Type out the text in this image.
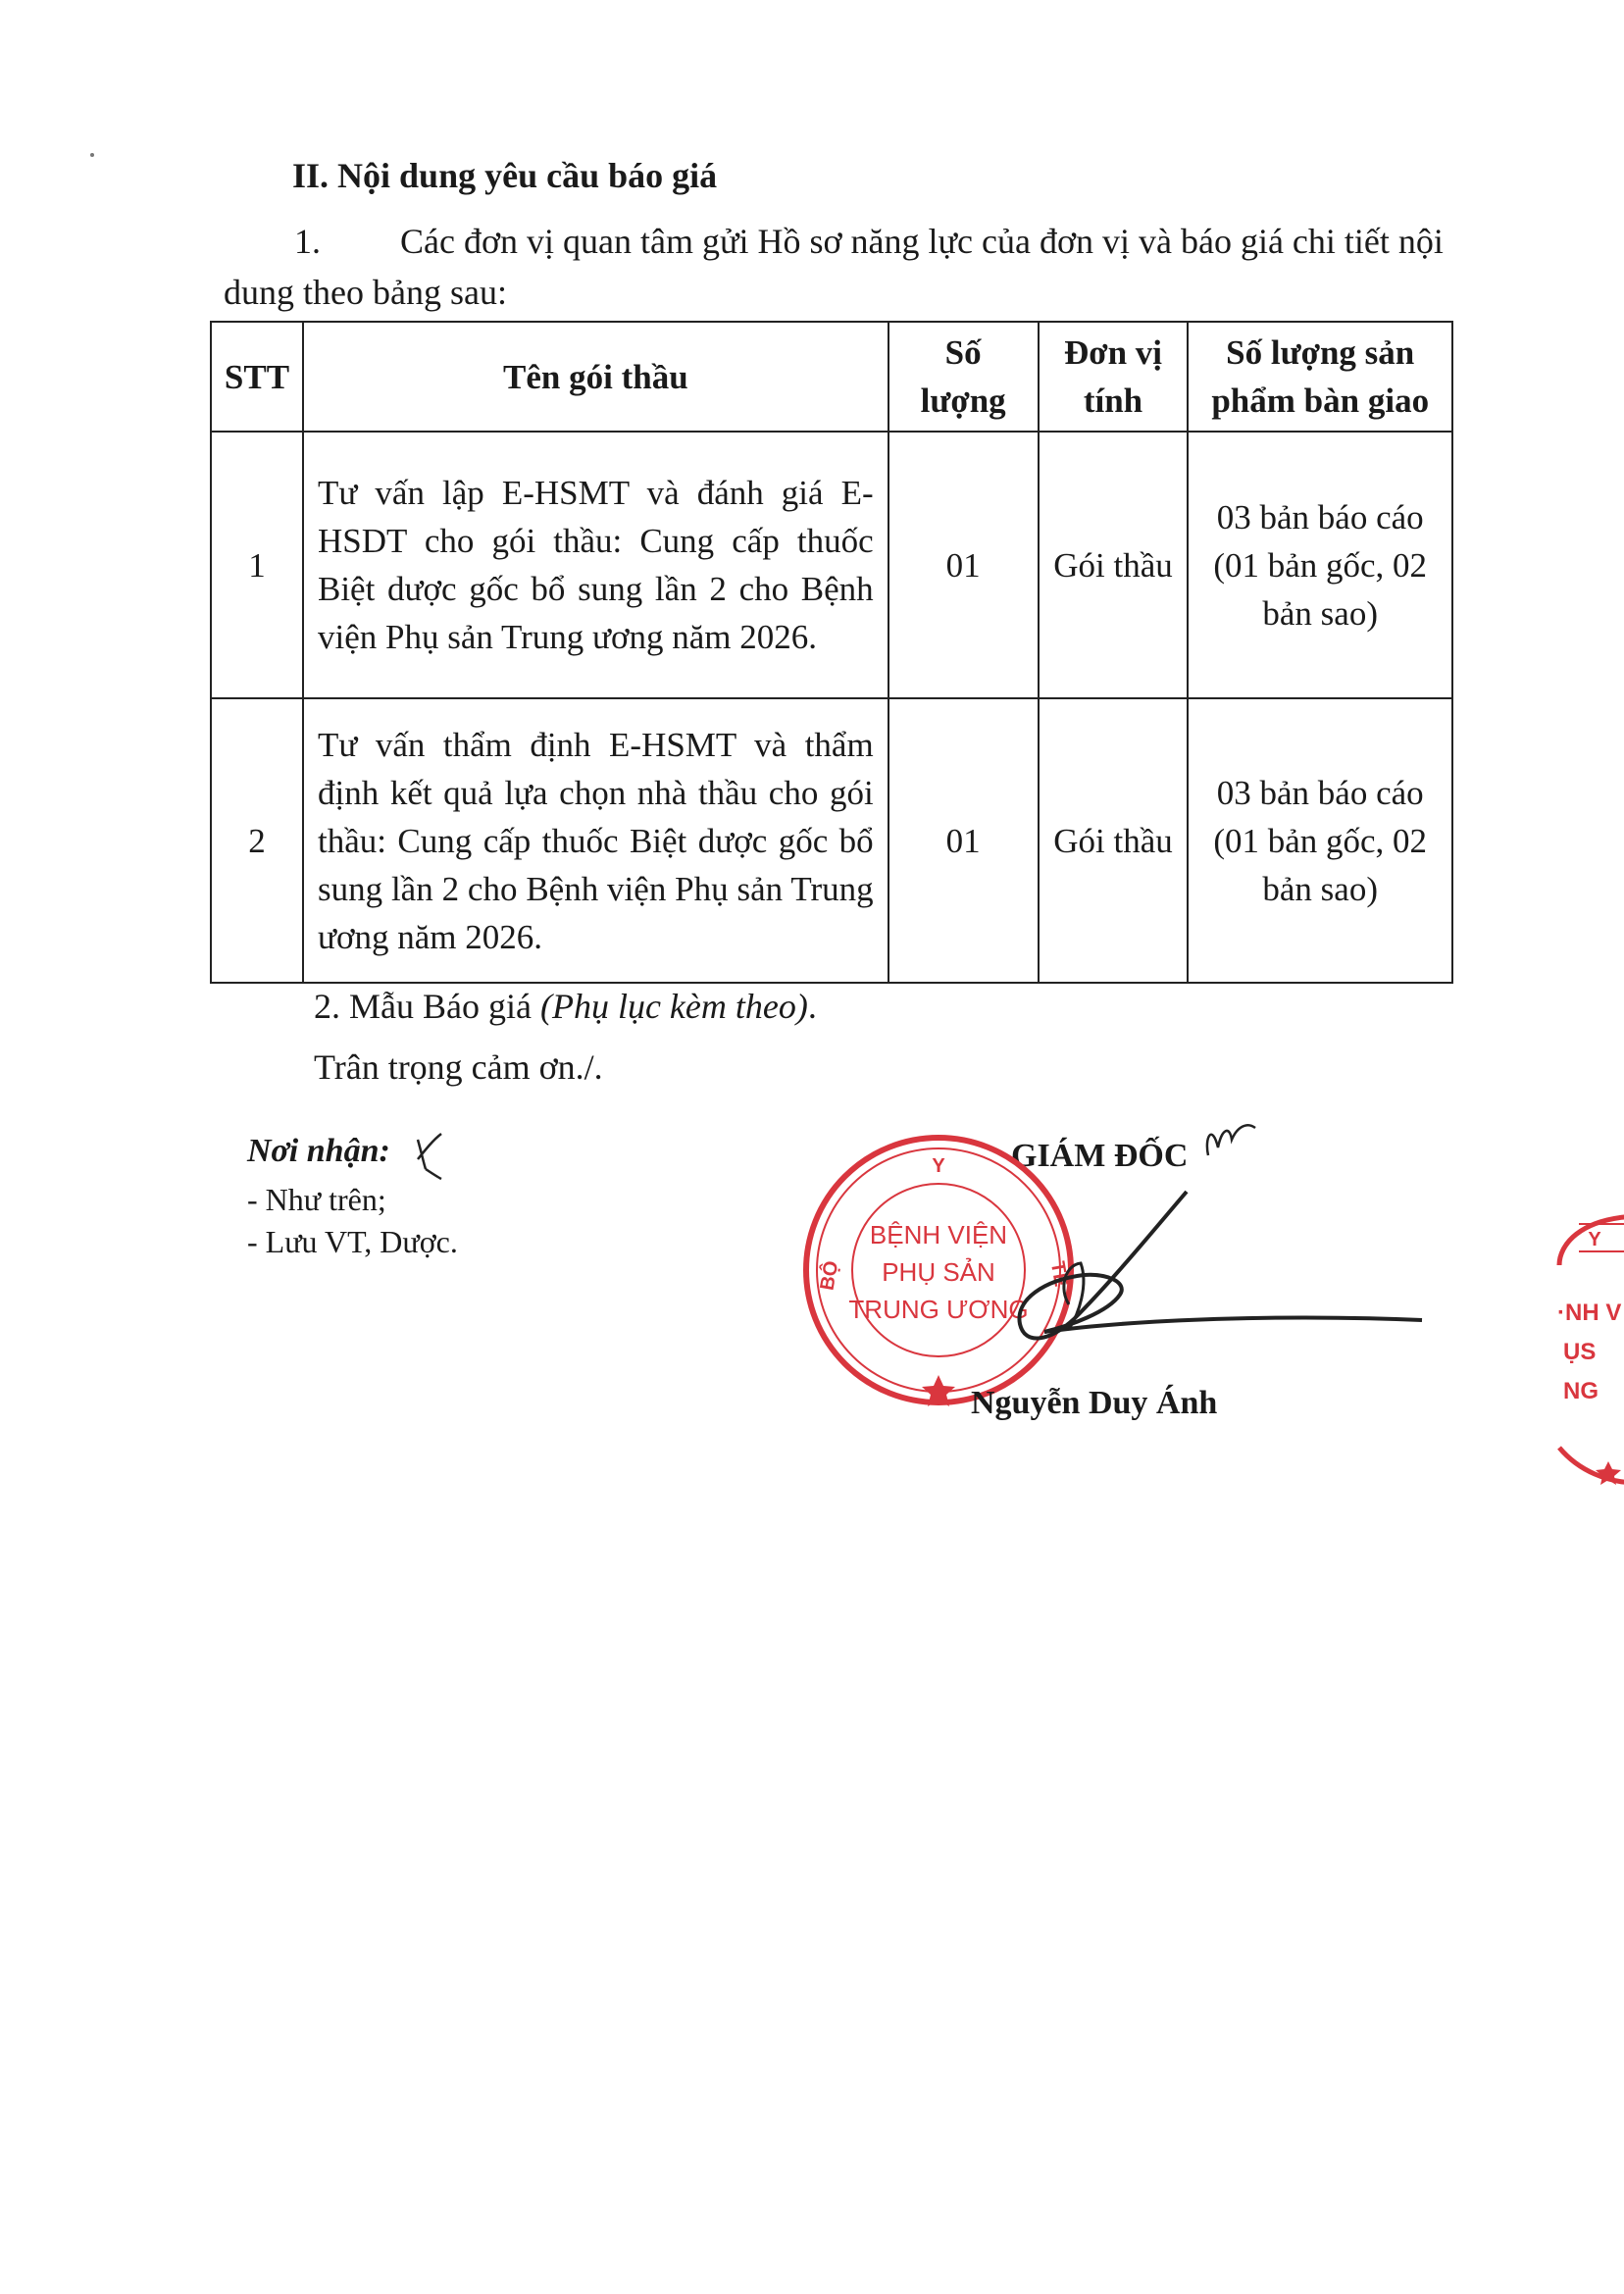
II. Nội dung yêu cầu báo giá
1. Các đơn vị quan tâm gửi Hồ sơ năng lực của đơn vị và báo giá chi tiết nội dung theo bảng sau:
STT	Tên gói thầu	Số lượng	Đơn vị tính	Số lượng sản phẩm bàn giao
1	Tư vấn lập E-HSMT và đánh giá E-HSDT cho gói thầu: Cung cấp thuốc Biệt dược gốc bổ sung lần 2 cho Bệnh viện Phụ sản Trung ương năm 2026.	01	Gói thầu	03 bản báo cáo (01 bản gốc, 02 bản sao)
2	Tư vấn thẩm định E-HSMT và thẩm định kết quả lựa chọn nhà thầu cho gói thầu: Cung cấp thuốc Biệt dược gốc bổ sung lần 2 cho Bệnh viện Phụ sản Trung ương năm 2026.	01	Gói thầu	03 bản báo cáo (01 bản gốc, 02 bản sao)
2. Mẫu Báo giá (Phụ lục kèm theo).
Trân trọng cảm ơn./.
Nơi nhận:
- Như trên;
- Lưu VT, Dược.
GIÁM ĐỐC
Y
BỘ	TẾ
BỆNH VIỆN
PHỤ SẢN
TRUNG ƯƠNG
Nguyễn Duy Ánh
Y
·NH V
ỤS
NG
